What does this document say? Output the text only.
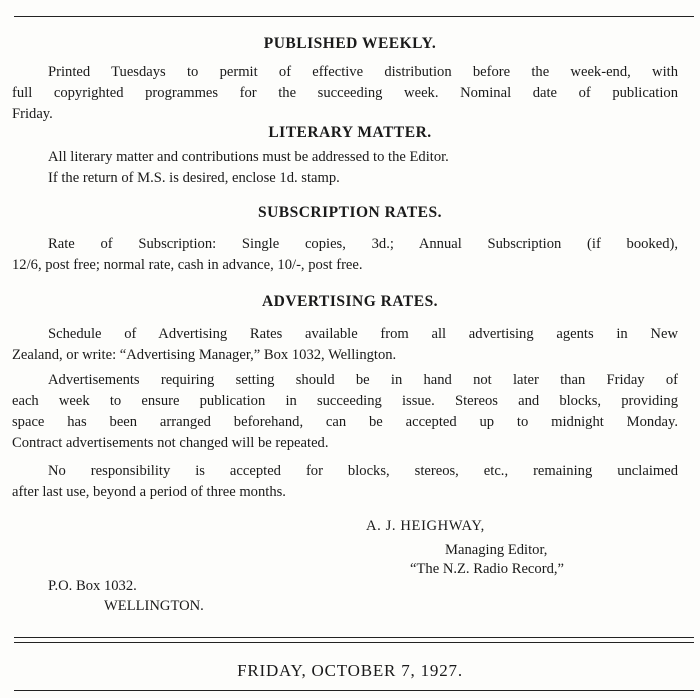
PUBLISHED WEEKLY.
Printed Tuesdays to permit of effective distribution before the week-end, with
full copyrighted programmes for the succeeding week. Nominal date of publication
Friday.
LITERARY MATTER.
All literary matter and contributions must be addressed to the Editor.
If the return of M.S. is desired, enclose 1d. stamp.
SUBSCRIPTION RATES.
Rate of Subscription: Single copies, 3d.; Annual Subscription (if booked),
12/6, post free; normal rate, cash in advance, 10/-, post free.
ADVERTISING RATES.
Schedule of Advertising Rates available from all advertising agents in New
Zealand, or write: “Advertising Manager,” Box 1032, Wellington.
Advertisements requiring setting should be in hand not later than Friday of
each week to ensure publication in succeeding issue. Stereos and blocks, providing
space has been arranged beforehand, can be accepted up to midnight Monday.
Contract advertisements not changed will be repeated.
No responsibility is accepted for blocks, stereos, etc., remaining unclaimed
after last use, beyond a period of three months.
A. J. HEIGHWAY,
Managing Editor,
“The N.Z. Radio Record,”
P.O. Box 1032.
WELLINGTON.
FRIDAY, OCTOBER 7, 1927.
